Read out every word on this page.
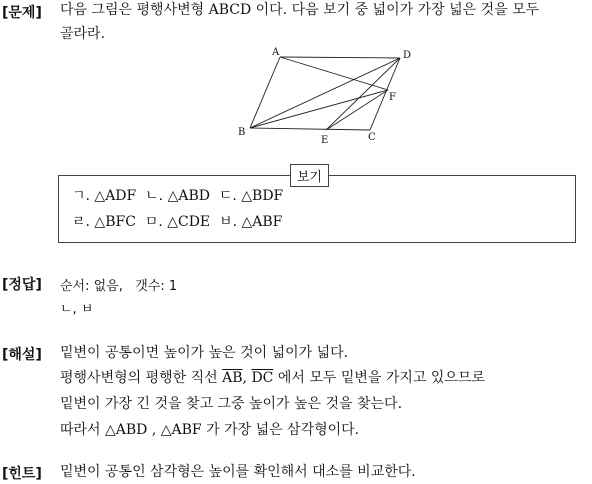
[문제] 다음 그림은 평행사변형 ABCD 이다. 다음 보기 중 넓이가 가장 넓은 것을 모두
골라라.
A	D
F
B
E	C
보기
ㄱ. △ADF  ㄴ. △ABD  ㄷ. △BDF
ㄹ. △BFC  ㅁ. △CDE  ㅂ. △ABF
[정답] 순서: 없음,   갯수: 1
ㄴ, ㅂ
[해설] 밑변이 공통이면 높이가 높은 것이 넓이가 넓다.
평행사변형의 평행한 직선 $\overline{AB}$, $\overline{DC}$ 에서 모두 밑변을 가지고 있으므로
밑변이 가장 긴 것을 찾고 그중 높이가 높은 것을 찾는다.
따라서 △ABD , △ABF 가 가장 넓은 삼각형이다.
[힌트] 밑변이 공통인 삼각형은 높이를 확인해서 대소를 비교한다.
